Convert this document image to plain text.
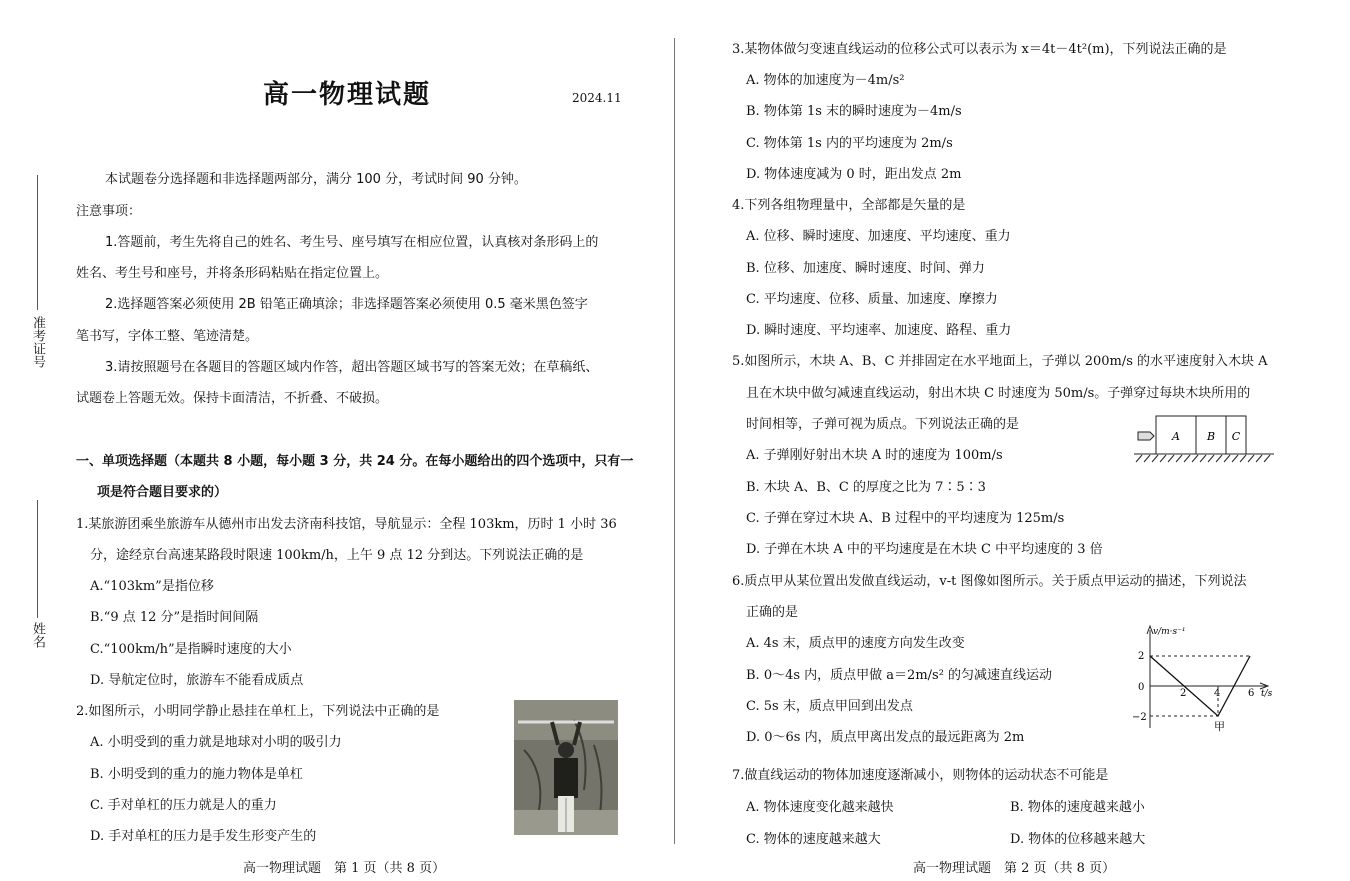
高一物理试题	2024.11
本试题卷分选择题和非选择题两部分，满分 100 分，考试时间 90 分钟。
注意事项：
1.答题前，考生先将自己的姓名、考生号、座号填写在相应位置，认真核对条形码上的
姓名、考生号和座号，并将条形码粘贴在指定位置上。
2.选择题答案必须使用 2B 铅笔正确填涂；非选择题答案必须使用 0.5 毫米黑色签字
笔书写，字体工整、笔迹清楚。
3.请按照题号在各题目的答题区域内作答，超出答题区域书写的答案无效；在草稿纸、
试题卷上答题无效。保持卡面清洁，不折叠、不破损。
一、单项选择题（本题共 8 小题，每小题 3 分，共 24 分。在每小题给出的四个选项中，只有一
项是符合题目要求的）
准考证号
姓名
1.某旅游团乘坐旅游车从德州市出发去济南科技馆，导航显示：全程 103km，历时 1 小时 36
分，途经京台高速某路段时限速 100km/h，上午 9 点 12 分到达。下列说法正确的是
A.“103km”是指位移
B.“9 点 12 分”是指时间间隔
C.“100km/h”是指瞬时速度的大小
D. 导航定位时，旅游车不能看成质点
2.如图所示，小明同学静止悬挂在单杠上，下列说法中正确的是
A. 小明受到的重力就是地球对小明的吸引力
B. 小明受到的重力的施力物体是单杠
C. 手对单杠的压力就是人的重力
D. 手对单杠的压力是手发生形变产生的
高一物理试题　第 1 页（共 8 页）
3.某物体做匀变速直线运动的位移公式可以表示为 x＝4t－4t²(m)，下列说法正确的是
A. 物体的加速度为－4m/s²
B. 物体第 1s 末的瞬时速度为－4m/s
C. 物体第 1s 内的平均速度为 2m/s
D. 物体速度减为 0 时，距出发点 2m
4.下列各组物理量中，全部都是矢量的是
A. 位移、瞬时速度、加速度、平均速度、重力
B. 位移、加速度、瞬时速度、时间、弹力
C. 平均速度、位移、质量、加速度、摩擦力
D. 瞬时速度、平均速率、加速度、路程、重力
5.如图所示，木块 A、B、C 并排固定在水平地面上，子弹以 200m/s 的水平速度射入木块 A
且在木块中做匀减速直线运动，射出木块 C 时速度为 50m/s。子弹穿过每块木块所用的
时间相等，子弹可视为质点。下列说法正确的是
A. 子弹刚好射出木块 A 时的速度为 100m/s
B. 木块 A、B、C 的厚度之比为 7∶5∶3
C. 子弹在穿过木块 A、B 过程中的平均速度为 125m/s
D. 子弹在木块 A 中的平均速度是在木块 C 中平均速度的 3 倍
A B C
6.质点甲从某位置出发做直线运动，v-t 图像如图所示。关于质点甲运动的描述，下列说法
正确的是
A. 4s 末，质点甲的速度方向发生改变
B. 0～4s 内，质点甲做 a＝2m/s² 的匀减速直线运动
C. 5s 末，质点甲回到出发点
D. 0～6s 内，质点甲离出发点的最远距离为 2m
v/m·s⁻¹
t/s
2
0
−2
2	4	6
甲
7.做直线运动的物体加速度逐渐减小，则物体的运动状态不可能是
A. 物体速度变化越来越快	B. 物体的速度越来越小
C. 物体的速度越来越大	D. 物体的位移越来越大
高一物理试题　第 2 页（共 8 页）
